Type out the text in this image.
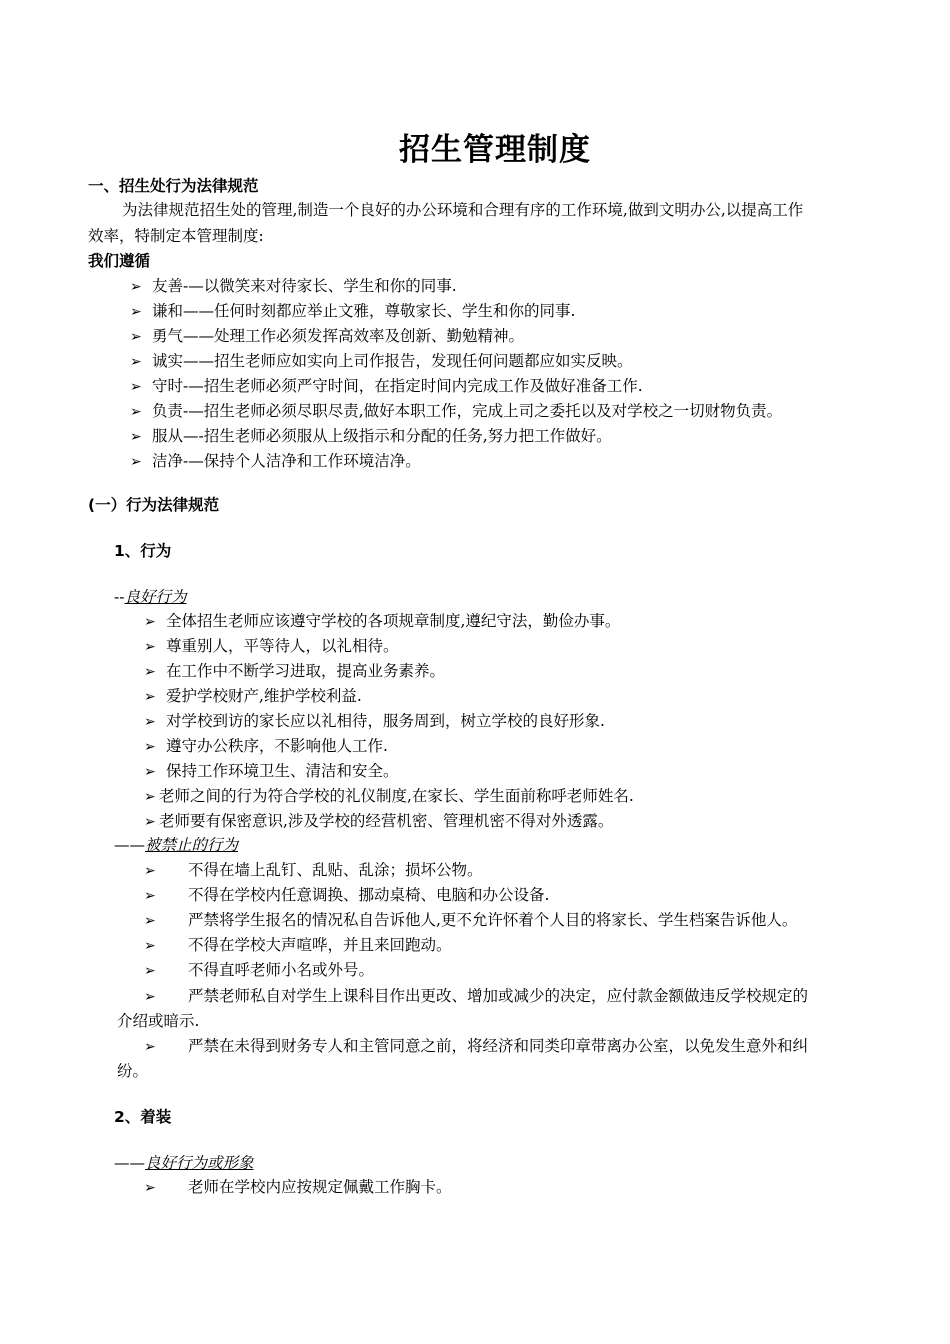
招生管理制度
一、招生处行为法律规范
为法律规范招生处的管理,制造一个良好的办公环境和合理有序的工作环境,做到文明办公,以提高工作
效率，特制定本管理制度:
我们遵循
➢ 友善-—以微笑来对待家长、学生和你的同事.
➢ 谦和——任何时刻都应举止文雅，尊敬家长、学生和你的同事.
➢ 勇气——处理工作必须发挥高效率及创新、勤勉精神。
➢ 诚实——招生老师应如实向上司作报告，发现任何问题都应如实反映。
➢ 守时-—招生老师必须严守时间，在指定时间内完成工作及做好准备工作.
➢ 负责-—招生老师必须尽职尽责,做好本职工作，完成上司之委托以及对学校之一切财物负责。
➢ 服从—-招生老师必须服从上级指示和分配的任务,努力把工作做好。
➢ 洁净-—保持个人洁净和工作环境洁净。
(一）行为法律规范
1、行为
--良好行为
➢ 全体招生老师应该遵守学校的各项规章制度,遵纪守法，勤俭办事。
➢ 尊重别人，平等待人，以礼相待。
➢ 在工作中不断学习进取，提高业务素养。
➢ 爱护学校财产,维护学校利益.
➢ 对学校到访的家长应以礼相待，服务周到，树立学校的良好形象.
➢ 遵守办公秩序，不影响他人工作.
➢ 保持工作环境卫生、清洁和安全。
➢ 老师之间的行为符合学校的礼仪制度,在家长、学生面前称呼老师姓名.
➢ 老师要有保密意识,涉及学校的经营机密、管理机密不得对外透露。
——被禁止的行为
➢ 不得在墙上乱钉、乱贴、乱涂；损坏公物。
➢ 不得在学校内任意调换、挪动桌椅、电脑和办公设备.
➢ 严禁将学生报名的情况私自告诉他人,更不允许怀着个人目的将家长、学生档案告诉他人。
➢ 不得在学校大声喧哗，并且来回跑动。
➢ 不得直呼老师小名或外号。
➢ 严禁老师私自对学生上课科目作出更改、增加或减少的决定，应付款金额做违反学校规定的
介绍或暗示.
➢ 严禁在未得到财务专人和主管同意之前，将经济和同类印章带离办公室，以免发生意外和纠
纷。
2、着装
——良好行为或形象
➢ 老师在学校内应按规定佩戴工作胸卡。
